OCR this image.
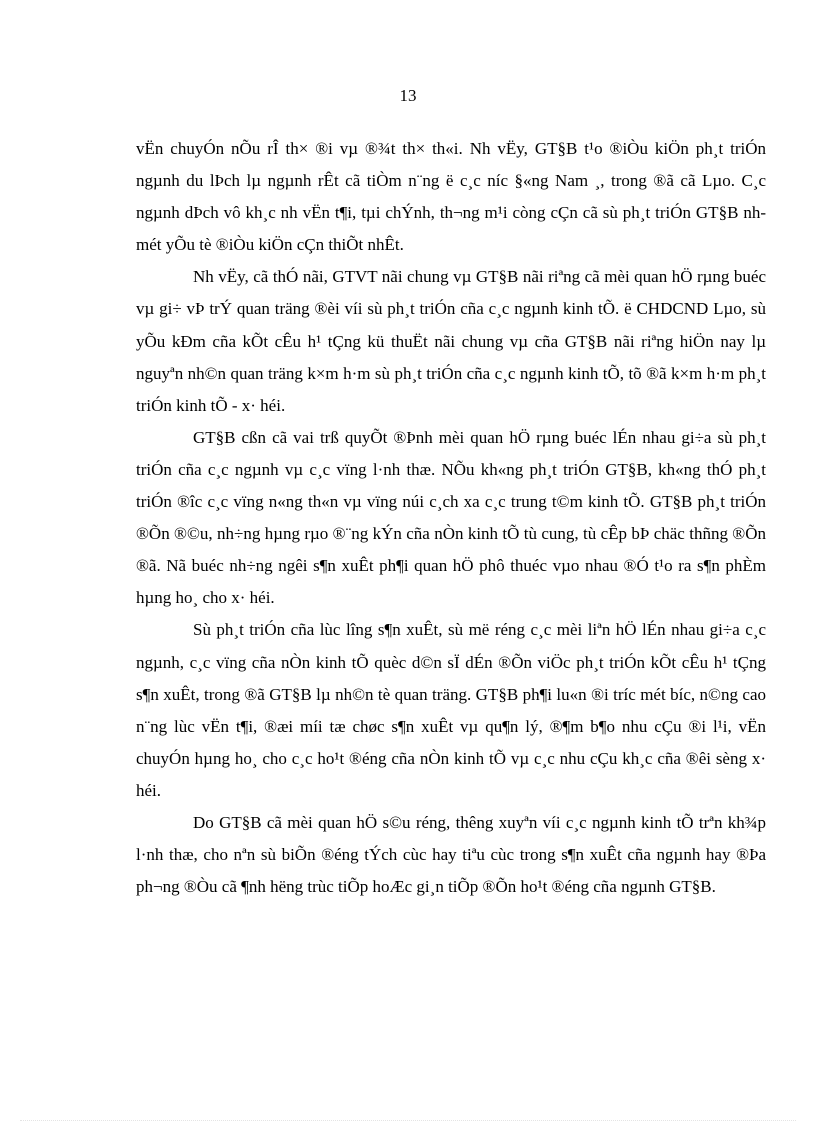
13

vËn chuyÓn nÕu rÎ th× ®i vµ ®¾t th× th«i. Nh vËy, GT§B t¹o ®iÒu kiÖn ph¸t triÓn ngµnh du lÞch lµ ngµnh rÊt cã tiÒm n¨ng ë c¸c níc §«ng Nam ¸, trong ®ã cã Lµo. C¸c ngµnh dÞch vô kh¸c nh vËn t¶i, tµi chÝnh, th¬ng m¹i còng cÇn cã sù ph¸t triÓn GT§B nh mét yÕu tè ®iÒu kiÖn cÇn thiÕt nhÊt.

Nh vËy, cã thÓ nãi, GTVT nãi chung vµ GT§B nãi riªng cã mèi quan hÖ rµng buéc vµ gi÷ vÞ trÝ quan träng ®èi víi sù ph¸t triÓn cña c¸c ngµnh kinh tÕ. ë CHDCND Lµo, sù yÕu kÐm cña kÕt cÊu h¹ tÇng kü thuËt nãi chung vµ cña GT§B nãi riªng hiÖn nay lµ nguyªn nh©n quan träng k×m h·m sù ph¸t triÓn cña c¸c ngµnh kinh tÕ, tõ ®ã k×m h·m ph¸t triÓn kinh tÕ - x· héi.

GT§B cßn cã vai trß quyÕt ®Þnh mèi quan hÖ rµng buéc lÉn nhau gi÷a sù ph¸t triÓn cña c¸c ngµnh vµ c¸c vïng l·nh thæ. NÕu kh«ng ph¸t triÓn GT§B, kh«ng thÓ ph¸t triÓn ®îc c¸c vïng n«ng th«n vµ vïng núi c¸ch xa c¸c trung t©m kinh tÕ. GT§B ph¸t triÓn ®Õn ®©u, nh÷ng hµng rµo ®¨ng kÝn cña nÒn kinh tÕ tù cung, tù cÊp bÞ chäc thñng ®Õn ®ã. Nã buéc nh÷ng ngêi s¶n xuÊt ph¶i quan hÖ phô thuéc vµo nhau ®Ó t¹o ra s¶n phÈm hµng ho¸ cho x· héi.

Sù ph¸t triÓn cña lùc lîng s¶n xuÊt, sù më réng c¸c mèi liªn hÖ lÉn nhau gi÷a c¸c ngµnh, c¸c vïng cña nÒn kinh tÕ quèc d©n sÏ dÉn ®Õn viÖc ph¸t triÓn kÕt cÊu h¹ tÇng s¶n xuÊt, trong ®ã GT§B lµ nh©n tè quan träng. GT§B ph¶i lu«n ®i tríc mét bíc, n©ng cao n¨ng lùc vËn t¶i, ®æi míi tæ chøc s¶n xuÊt vµ qu¶n lý, ®¶m b¶o nhu cÇu ®i l¹i, vËn chuyÓn hµng ho¸ cho c¸c ho¹t ®éng cña nÒn kinh tÕ vµ c¸c nhu cÇu kh¸c cña ®êi sèng x· héi.

Do GT§B cã mèi quan hÖ s©u réng, thêng xuyªn víi c¸c ngµnh kinh tÕ trªn kh¾p l·nh thæ, cho nªn sù biÕn ®éng tÝch cùc hay tiªu cùc trong s¶n xuÊt cña ngµnh hay ®Þa ph¬ng ®Òu cã ¶nh hëng trùc tiÕp hoÆc gi¸n tiÕp ®Õn ho¹t ®éng cña ngµnh GT§B.
